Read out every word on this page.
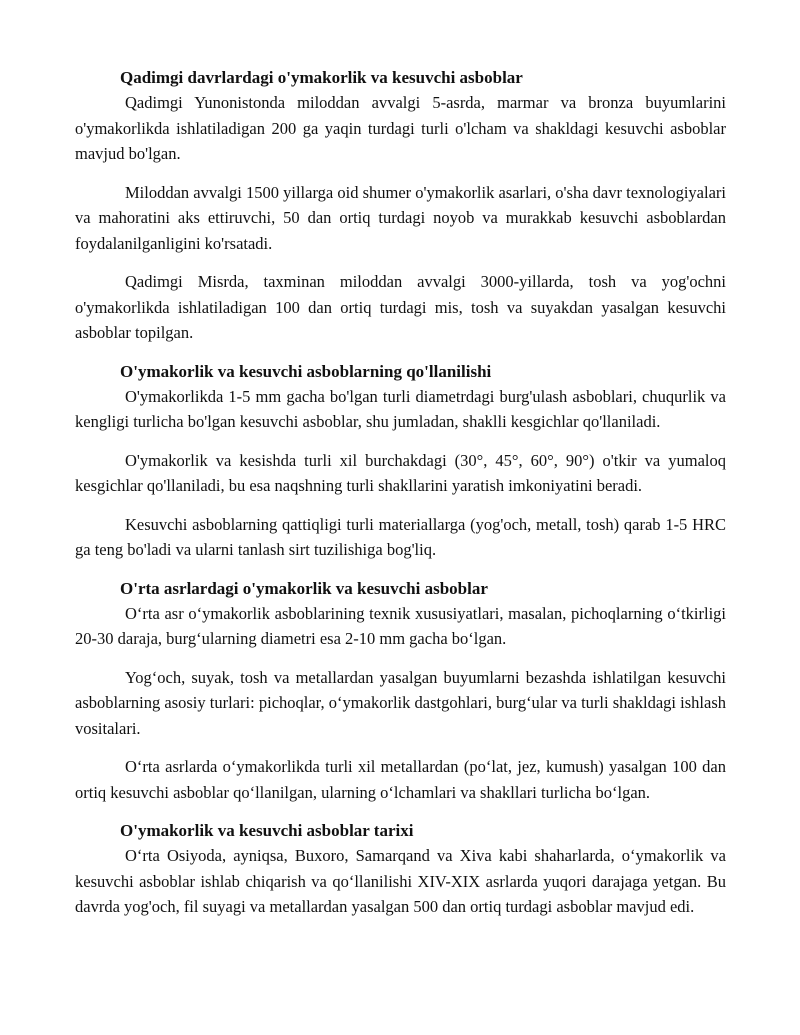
Qadimgi davrlardagi o'ymakorlik va kesuvchi asboblar

Qadimgi Yunonistonda miloddan avvalgi 5-asrda, marmar va bronza buyumlarini o'ymakorlikda ishlatiladigan 200 ga yaqin turdagi turli o'lcham va shakldagi kesuvchi asboblar mavjud bo'lgan.

Miloddan avvalgi 1500 yillarga oid shumer o'ymakorlik asarlari, o'sha davr texnologiyalari va mahoratini aks ettiruvchi, 50 dan ortiq turdagi noyob va murakkab kesuvchi asboblardan foydalanilganligini ko'rsatadi.

Qadimgi Misrda, taxminan miloddan avvalgi 3000-yillarda, tosh va yog'ochni o'ymakorlikda ishlatiladigan 100 dan ortiq turdagi mis, tosh va suyakdan yasalgan kesuvchi asboblar topilgan.

O'ymakorlik va kesuvchi asboblarning qo'llanilishi

O'ymakorlikda 1-5 mm gacha bo'lgan turli diametrdagi burg'ulash asboblari, chuqurlik va kengligi turlicha bo'lgan kesuvchi asboblar, shu jumladan, shaklli kesgichlar qo'llaniladi.

O'ymakorlik va kesishda turli xil burchakdagi (30°, 45°, 60°, 90°) o'tkir va yumaloq kesgichlar qo'llaniladi, bu esa naqshning turli shakllarini yaratish imkoniyatini beradi.

Kesuvchi asboblarning qattiqligi turli materiallarga (yog'och, metall, tosh) qarab 1-5 HRC ga teng bo'ladi va ularni tanlash sirt tuzilishiga bog'liq.

O'rta asrlardagi o'ymakorlik va kesuvchi asboblar

O‘rta asr o‘ymakorlik asboblarining texnik xususiyatlari, masalan, pichoqlarning o‘tkirligi 20-30 daraja, burg‘ularning diametri esa 2-10 mm gacha bo‘lgan.

Yog‘och, suyak, tosh va metallardan yasalgan buyumlarni bezashda ishlatilgan kesuvchi asboblarning asosiy turlari: pichoqlar, o‘ymakorlik dastgohlari, burg‘ular va turli shakldagi ishlash vositalari.

O‘rta asrlarda o‘ymakorlikda turli xil metallardan (po‘lat, jez, kumush) yasalgan 100 dan ortiq kesuvchi asboblar qo‘llanilgan, ularning o‘lchamlari va shakllari turlicha bo‘lgan.

O'ymakorlik va kesuvchi asboblar tarixi

O‘rta Osiyoda, ayniqsa, Buxoro, Samarqand va Xiva kabi shaharlarda, o‘ymakorlik va kesuvchi asboblar ishlab chiqarish va qo‘llanilishi XIV-XIX asrlarda yuqori darajaga yetgan. Bu davrda yog'och, fil suyagi va metallardan yasalgan 500 dan ortiq turdagi asboblar mavjud edi.
